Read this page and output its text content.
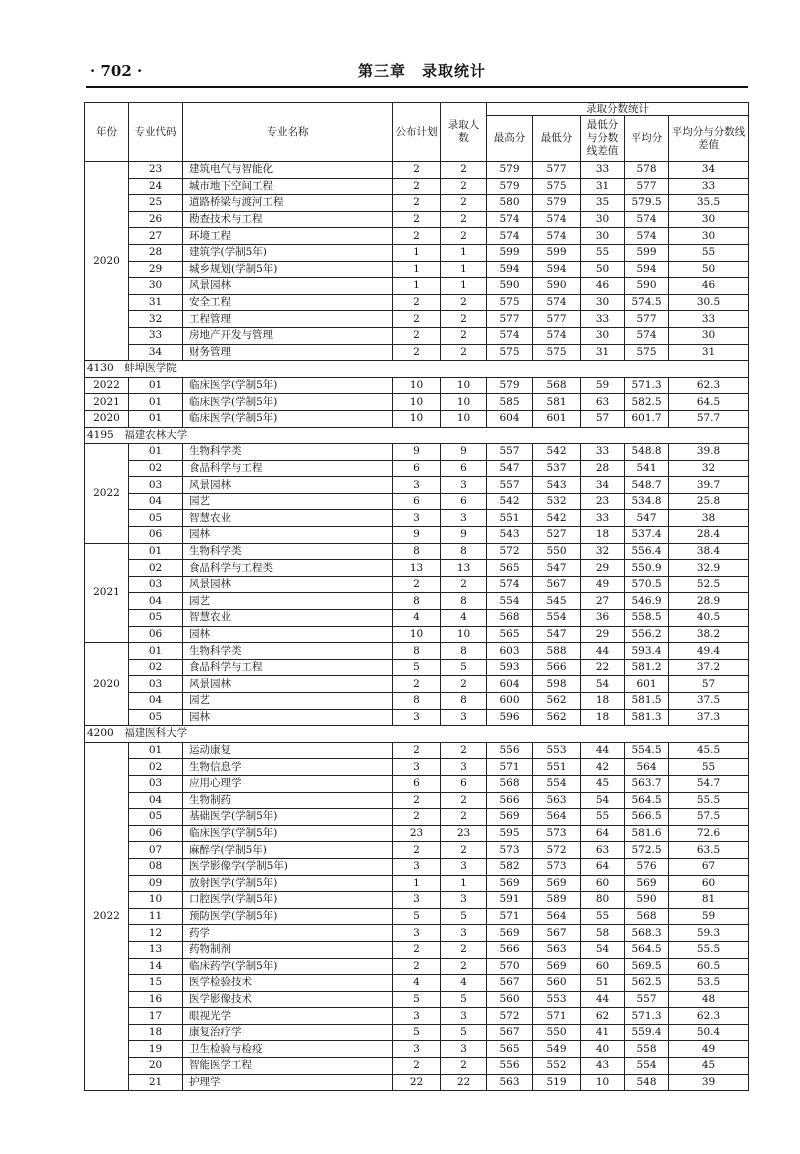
· 702 ·	第三章　录取统计
年份	专业代码	专业名称	公布计划	录取人数	录取分数统计				
					最高分	最低分	最低分与分数线差值	平均分	平均分与分数线差值
2020	23	建筑电气与智能化	2	2	579	577	33	578	34
	24	城市地下空间工程	2	2	579	575	31	577	33
	25	道路桥梁与渡河工程	2	2	580	579	35	579.5	35.5
	26	勘查技术与工程	2	2	574	574	30	574	30
	27	环境工程	2	2	574	574	30	574	30
	28	建筑学(学制5年)	1	1	599	599	55	599	55
	29	城乡规划(学制5年)	1	1	594	594	50	594	50
	30	风景园林	1	1	590	590	46	590	46
	31	安全工程	2	2	575	574	30	574.5	30.5
	32	工程管理	2	2	577	577	33	577	33
	33	房地产开发与管理	2	2	574	574	30	574	30
	34	财务管理	2	2	575	575	31	575	31
4130　蚌埠医学院									
2022	01	临床医学(学制5年)	10	10	579	568	59	571.3	62.3
2021	01	临床医学(学制5年)	10	10	585	581	63	582.5	64.5
2020	01	临床医学(学制5年)	10	10	604	601	57	601.7	57.7
4195　福建农林大学									
2022	01	生物科学类	9	9	557	542	33	548.8	39.8
	02	食品科学与工程	6	6	547	537	28	541	32
	03	风景园林	3	3	557	543	34	548.7	39.7
	04	园艺	6	6	542	532	23	534.8	25.8
	05	智慧农业	3	3	551	542	33	547	38
	06	园林	9	9	543	527	18	537.4	28.4
2021	01	生物科学类	8	8	572	550	32	556.4	38.4
	02	食品科学与工程类	13	13	565	547	29	550.9	32.9
	03	风景园林	2	2	574	567	49	570.5	52.5
	04	园艺	8	8	554	545	27	546.9	28.9
	05	智慧农业	4	4	568	554	36	558.5	40.5
	06	园林	10	10	565	547	29	556.2	38.2
2020	01	生物科学类	8	8	603	588	44	593.4	49.4
	02	食品科学与工程	5	5	593	566	22	581.2	37.2
	03	风景园林	2	2	604	598	54	601	57
	04	园艺	8	8	600	562	18	581.5	37.5
	05	园林	3	3	596	562	18	581.3	37.3
4200　福建医科大学									
2022	01	运动康复	2	2	556	553	44	554.5	45.5
	02	生物信息学	3	3	571	551	42	564	55
	03	应用心理学	6	6	568	554	45	563.7	54.7
	04	生物制药	2	2	566	563	54	564.5	55.5
	05	基础医学(学制5年)	2	2	569	564	55	566.5	57.5
	06	临床医学(学制5年)	23	23	595	573	64	581.6	72.6
	07	麻醉学(学制5年)	2	2	573	572	63	572.5	63.5
	08	医学影像学(学制5年)	3	3	582	573	64	576	67
	09	放射医学(学制5年)	1	1	569	569	60	569	60
	10	口腔医学(学制5年)	3	3	591	589	80	590	81
	11	预防医学(学制5年)	5	5	571	564	55	568	59
	12	药学	3	3	569	567	58	568.3	59.3
	13	药物制剂	2	2	566	563	54	564.5	55.5
	14	临床药学(学制5年)	2	2	570	569	60	569.5	60.5
	15	医学检验技术	4	4	567	560	51	562.5	53.5
	16	医学影像技术	5	5	560	553	44	557	48
	17	眼视光学	3	3	572	571	62	571.3	62.3
	18	康复治疗学	5	5	567	550	41	559.4	50.4
	19	卫生检验与检疫	3	3	565	549	40	558	49
	20	智能医学工程	2	2	556	552	43	554	45
	21	护理学	22	22	563	519	10	548	39
